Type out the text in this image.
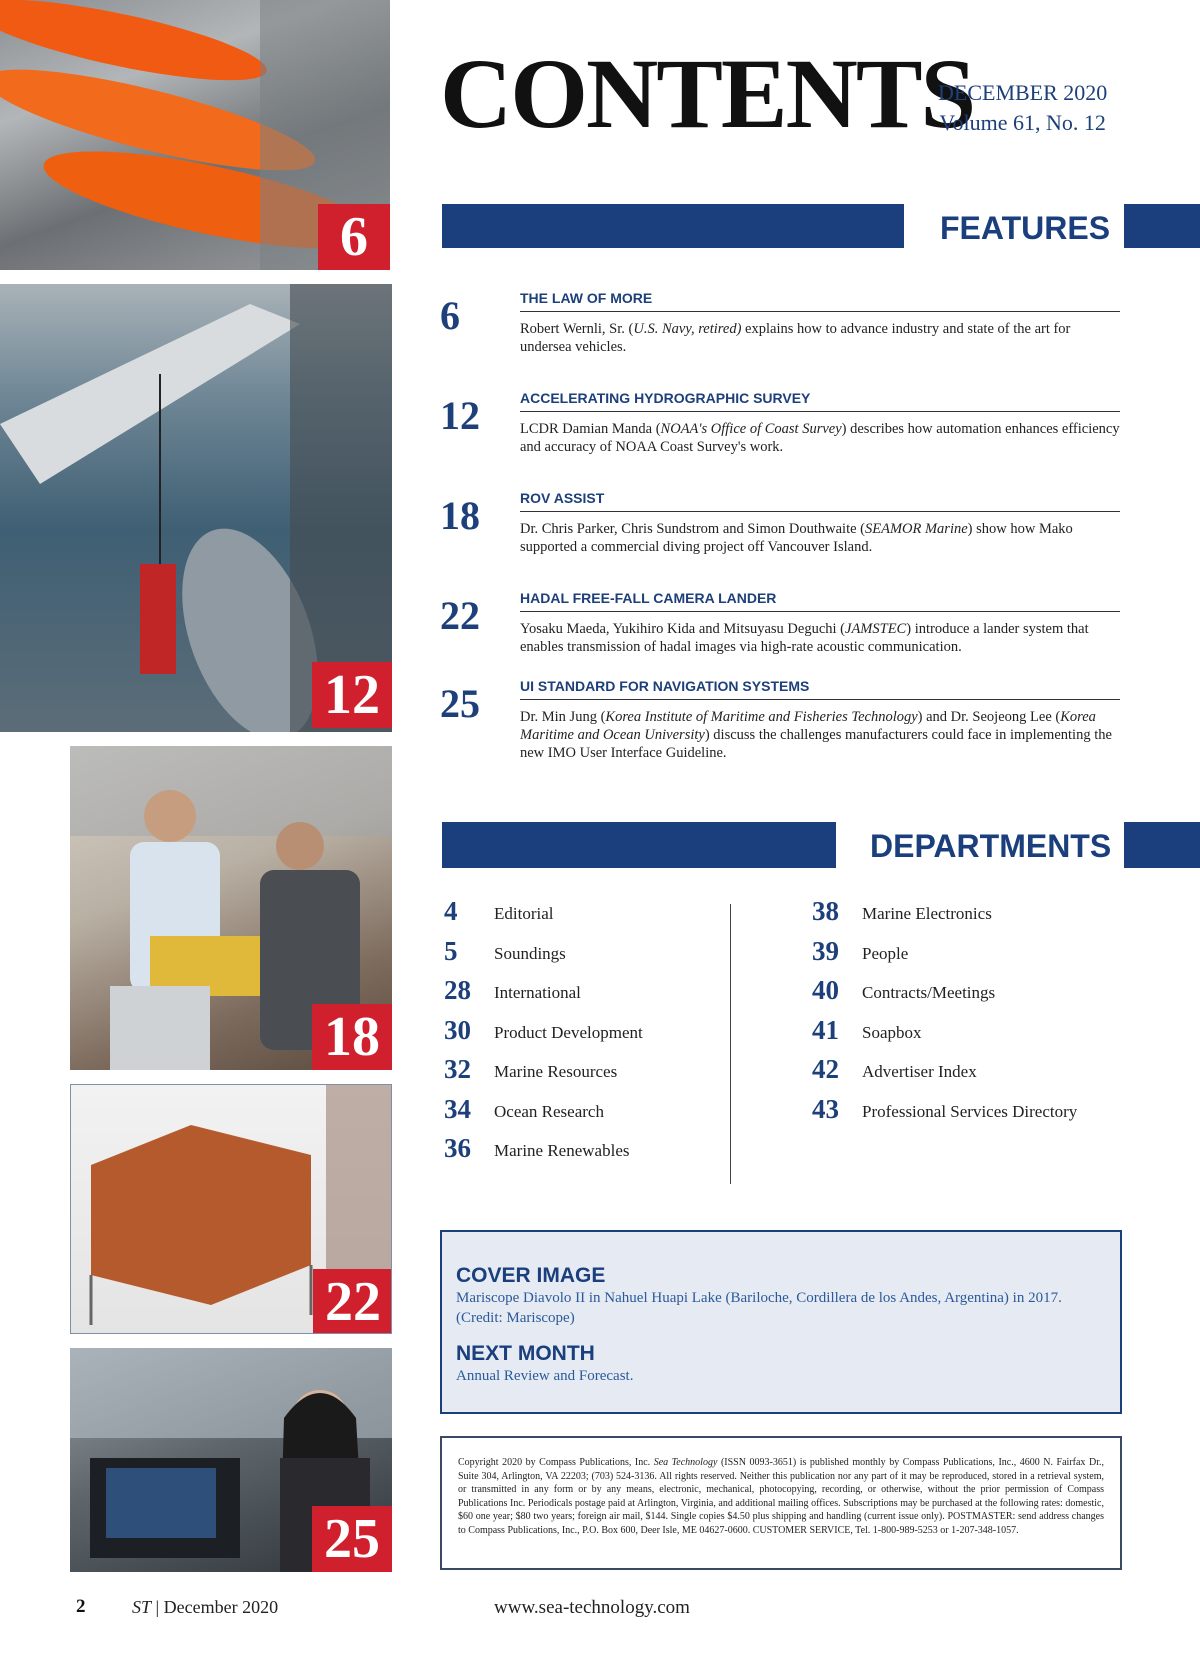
6
12
18
22
25
CONTENTS
DECEMBER 2020
Volume 61, No. 12
FEATURES
6	THE LAW OF MORE
Robert Wernli, Sr. (U.S. Navy, retired) explains how to advance industry and state of the art for undersea vehicles.
12	ACCELERATING HYDROGRAPHIC SURVEY
LCDR Damian Manda (NOAA's Office of Coast Survey) describes how automation enhances efficiency and accuracy of NOAA Coast Survey's work.
18	ROV ASSIST
Dr. Chris Parker, Chris Sundstrom and Simon Douthwaite (SEAMOR Marine) show how Mako supported a commercial diving project off Vancouver Island.
22	HADAL FREE-FALL CAMERA LANDER
Yosaku Maeda, Yukihiro Kida and Mitsuyasu Deguchi (JAMSTEC) introduce a lander system that enables transmission of hadal images via high-rate acoustic communication.
25	UI STANDARD FOR NAVIGATION SYSTEMS
Dr. Min Jung (Korea Institute of Maritime and Fisheries Technology) and Dr. Seojeong Lee (Korea Maritime and Ocean University) discuss the challenges manufacturers could face in implementing the new IMO User Interface Guideline.
DEPARTMENTS
4 Editorial
5 Soundings
28 International
30 Product Development
32 Marine Resources
34 Ocean Research
36 Marine Renewables
38 Marine Electronics
39 People
40 Contracts/Meetings
41 Soapbox
42 Advertiser Index
43 Professional Services Directory
COVER IMAGE
Mariscope Diavolo II in Nahuel Huapi Lake (Bariloche, Cordillera de los Andes, Argentina) in 2017. (Credit: Mariscope)
NEXT MONTH
Annual Review and Forecast.
Copyright 2020 by Compass Publications, Inc. Sea Technology (ISSN 0093-3651) is published monthly by Compass Publications, Inc., 4600 N. Fairfax Dr., Suite 304, Arlington, VA 22203; (703) 524-3136. All rights reserved. Neither this publication nor any part of it may be reproduced, stored in a retrieval system, or transmitted in any form or by any means, electronic, mechanical, photocopying, recording, or otherwise, without the prior permission of Compass Publications Inc. Periodicals postage paid at Arlington, Virginia, and additional mailing offices. Subscriptions may be purchased at the following rates: domestic, $60 one year; $80 two years; foreign air mail, $144. Single copies $4.50 plus shipping and handling (current issue only). POSTMASTER: send address changes to Compass Publications, Inc., P.O. Box 600, Deer Isle, ME 04627-0600. CUSTOMER SERVICE, Tel. 1-800-989-5253 or 1-207-348-1057.
2	ST | December 2020	www.sea-technology.com
